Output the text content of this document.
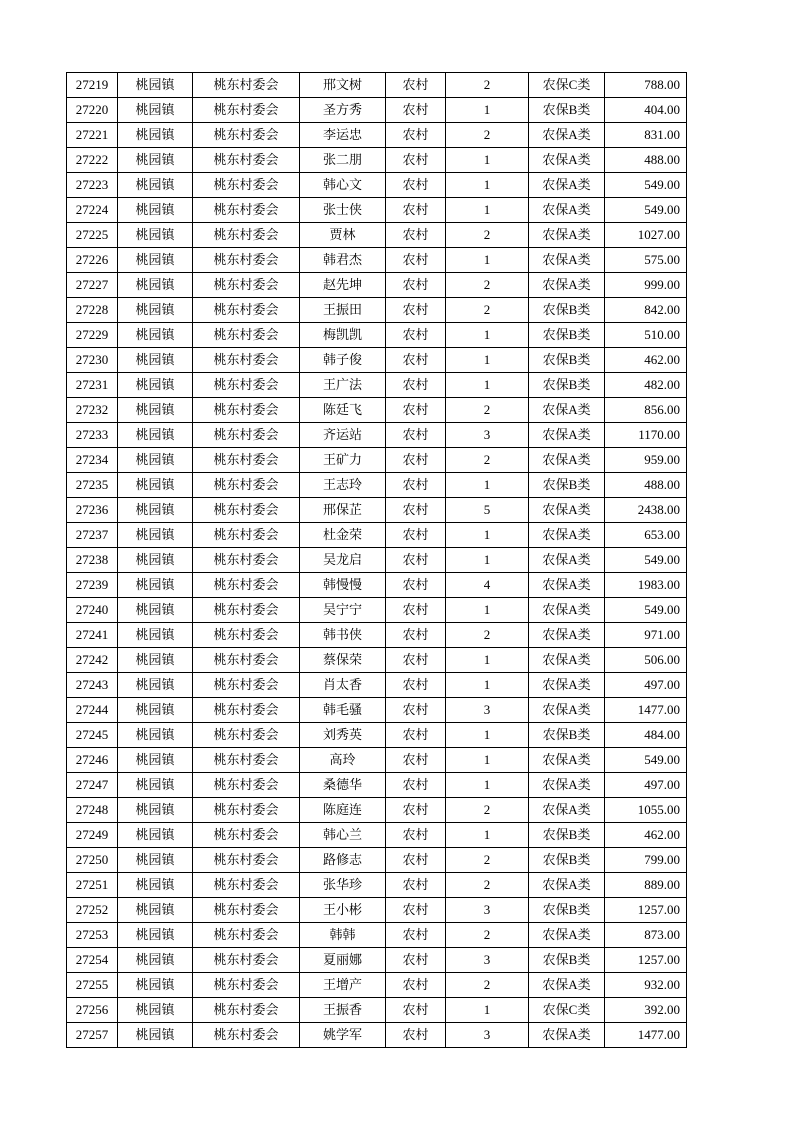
27219	桃园镇	桃东村委会	邢文树	农村	2	农保C类	788.00
27220	桃园镇	桃东村委会	圣方秀	农村	1	农保B类	404.00
27221	桃园镇	桃东村委会	李运忠	农村	2	农保A类	831.00
27222	桃园镇	桃东村委会	张二朋	农村	1	农保A类	488.00
27223	桃园镇	桃东村委会	韩心文	农村	1	农保A类	549.00
27224	桃园镇	桃东村委会	张士侠	农村	1	农保A类	549.00
27225	桃园镇	桃东村委会	贾林	农村	2	农保A类	1027.00
27226	桃园镇	桃东村委会	韩君杰	农村	1	农保A类	575.00
27227	桃园镇	桃东村委会	赵先坤	农村	2	农保A类	999.00
27228	桃园镇	桃东村委会	王振田	农村	2	农保B类	842.00
27229	桃园镇	桃东村委会	梅凯凯	农村	1	农保B类	510.00
27230	桃园镇	桃东村委会	韩子俊	农村	1	农保B类	462.00
27231	桃园镇	桃东村委会	王广法	农村	1	农保B类	482.00
27232	桃园镇	桃东村委会	陈廷飞	农村	2	农保A类	856.00
27233	桃园镇	桃东村委会	齐运站	农村	3	农保A类	1170.00
27234	桃园镇	桃东村委会	王矿力	农村	2	农保A类	959.00
27235	桃园镇	桃东村委会	王志玲	农村	1	农保B类	488.00
27236	桃园镇	桃东村委会	邢保芷	农村	5	农保A类	2438.00
27237	桃园镇	桃东村委会	杜金荣	农村	1	农保A类	653.00
27238	桃园镇	桃东村委会	吴龙启	农村	1	农保A类	549.00
27239	桃园镇	桃东村委会	韩慢慢	农村	4	农保A类	1983.00
27240	桃园镇	桃东村委会	吴宁宁	农村	1	农保A类	549.00
27241	桃园镇	桃东村委会	韩书侠	农村	2	农保A类	971.00
27242	桃园镇	桃东村委会	蔡保荣	农村	1	农保A类	506.00
27243	桃园镇	桃东村委会	肖太香	农村	1	农保A类	497.00
27244	桃园镇	桃东村委会	韩毛骚	农村	3	农保A类	1477.00
27245	桃园镇	桃东村委会	刘秀英	农村	1	农保B类	484.00
27246	桃园镇	桃东村委会	高玲	农村	1	农保A类	549.00
27247	桃园镇	桃东村委会	桑德华	农村	1	农保A类	497.00
27248	桃园镇	桃东村委会	陈庭连	农村	2	农保A类	1055.00
27249	桃园镇	桃东村委会	韩心兰	农村	1	农保B类	462.00
27250	桃园镇	桃东村委会	路修志	农村	2	农保B类	799.00
27251	桃园镇	桃东村委会	张华珍	农村	2	农保A类	889.00
27252	桃园镇	桃东村委会	王小彬	农村	3	农保B类	1257.00
27253	桃园镇	桃东村委会	韩韩	农村	2	农保A类	873.00
27254	桃园镇	桃东村委会	夏丽娜	农村	3	农保B类	1257.00
27255	桃园镇	桃东村委会	王增产	农村	2	农保A类	932.00
27256	桃园镇	桃东村委会	王振香	农村	1	农保C类	392.00
27257	桃园镇	桃东村委会	姚学军	农村	3	农保A类	1477.00
